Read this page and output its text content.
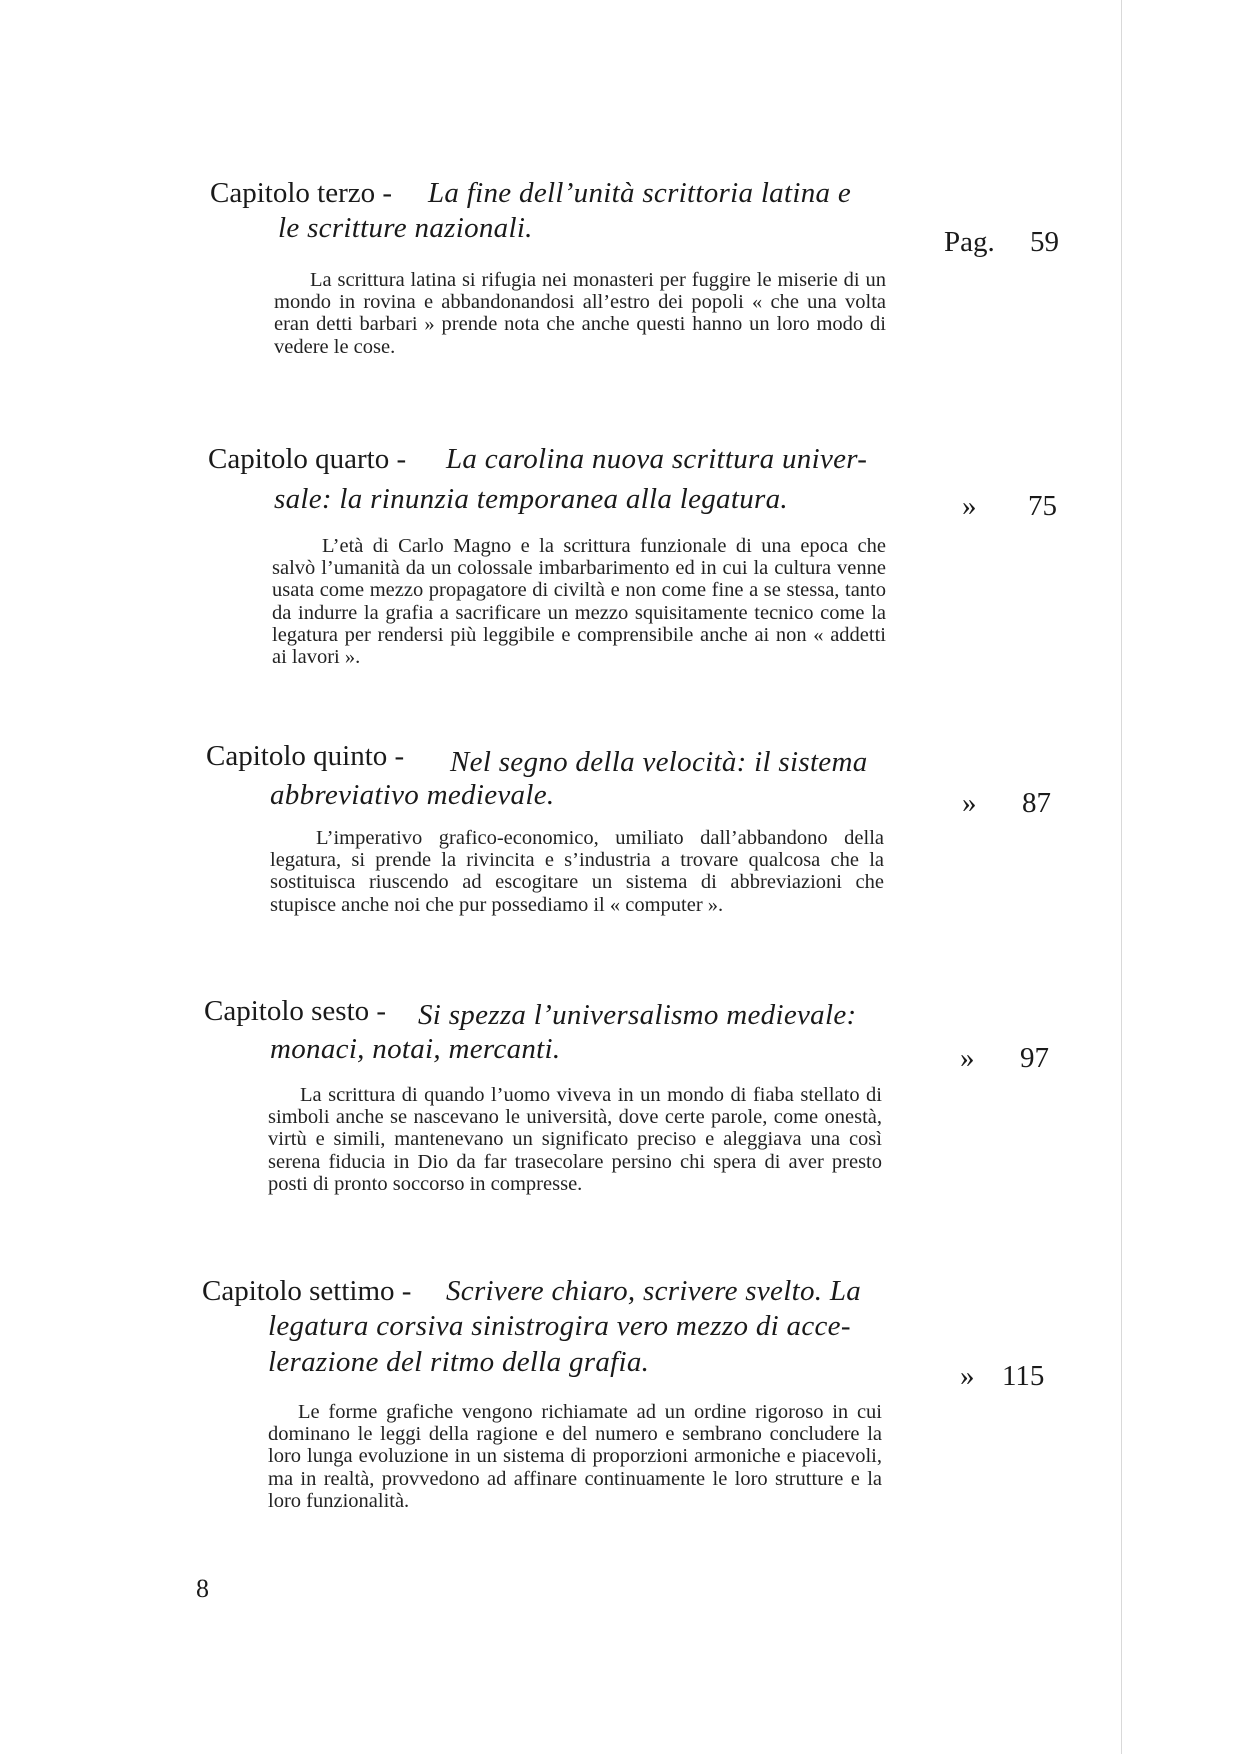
Capitolo terzo - La fine dell’unità scrittoria latina e
le scritture nazionali.	Pag. 59
La scrittura latina si rifugia nei monasteri per fuggire le miserie di un mondo in rovina e abbandonandosi all’estro dei popoli « che una volta eran detti barbari » prende nota che anche questi hanno un loro modo di vedere le cose.
Capitolo quarto - La carolina nuova scrittura univer-
sale: la rinunzia temporanea alla legatura.	» 75
L’età di Carlo Magno e la scrittura funzionale di una epoca che salvò l’umanità da un colossale imbarbarimento ed in cui la cultura venne usata come mezzo propagatore di civiltà e non come fine a se stessa, tanto da indurre la grafia a sacrificare un mezzo squisitamente tecnico come la legatura per rendersi più leggibile e comprensibile anche ai non « addetti ai lavori ».
Capitolo quinto - Nel segno della velocità: il sistema
abbreviativo medievale.	» 87
L’imperativo grafico-economico, umiliato dall’abbandono della legatura, si prende la rivincita e s’industria a trovare qualcosa che la sostituisca riuscendo ad escogitare un sistema di abbreviazioni che stupisce anche noi che pur possediamo il « computer ».
Capitolo sesto - Si spezza l’universalismo medievale:
monaci, notai, mercanti.	» 97
La scrittura di quando l’uomo viveva in un mondo di fiaba stellato di simboli anche se nascevano le università, dove certe parole, come onestà, virtù e simili, mantenevano un significato preciso e aleggiava una così serena fiducia in Dio da far trasecolare persino chi spera di aver presto posti di pronto soccorso in compresse.
Capitolo settimo - Scrivere chiaro, scrivere svelto. La
legatura corsiva sinistrogira vero mezzo di acce-
lerazione del ritmo della grafia.	» 115
Le forme grafiche vengono richiamate ad un ordine rigoroso in cui dominano le leggi della ragione e del numero e sembrano concludere la loro lunga evoluzione in un sistema di proporzioni armoniche e piacevoli, ma in realtà, provvedono ad affinare continuamente le loro strutture e la loro funzionalità.
8
